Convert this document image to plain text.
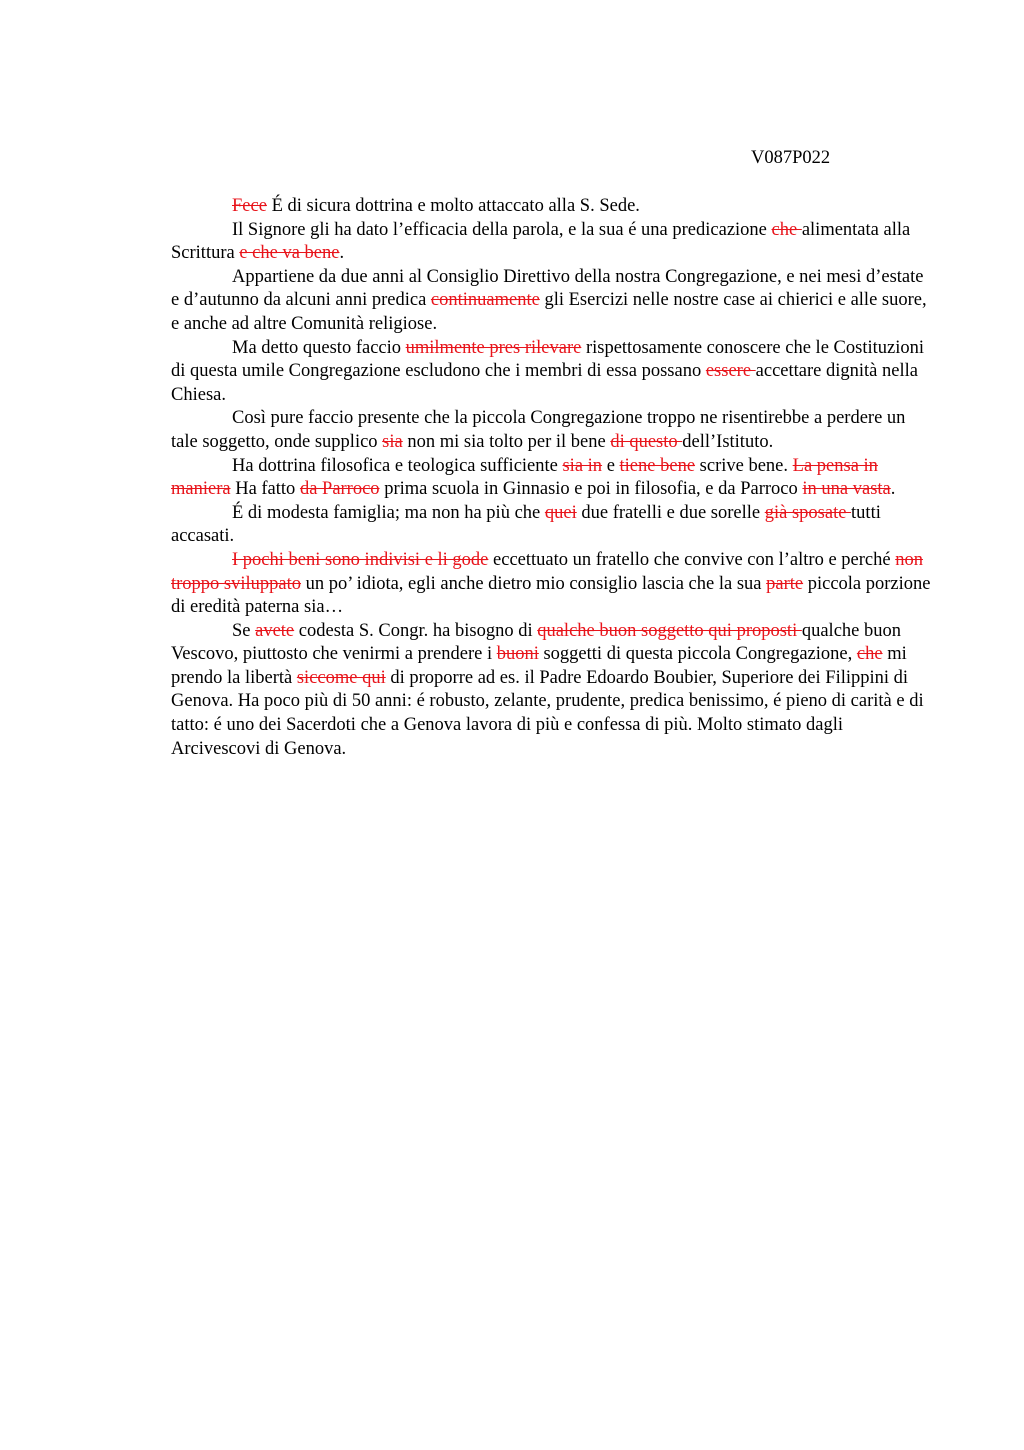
V087P022

Fece É di sicura dottrina e molto attaccato alla S. Sede.

Il Signore gli ha dato l’efficacia della parola, e la sua é una predicazione che alimentata alla Scrittura e che va bene.

Appartiene da due anni al Consiglio Direttivo della nostra Congregazione, e nei mesi d’estate e d’autunno da alcuni anni predica continuamente gli Esercizi nelle nostre case ai chierici e alle suore, e anche ad altre Comunità religiose.

Ma detto questo faccio umilmente pres rilevare rispettosamente conoscere che le Costituzioni di questa umile Congregazione escludono che i membri di essa possano essere accettare dignità nella Chiesa.

Così pure faccio presente che la piccola Congregazione troppo ne risentirebbe a perdere un tale soggetto, onde supplico sia non mi sia tolto per il bene di questo dell’Istituto.

Ha dottrina filosofica e teologica sufficiente sia in e tiene bene scrive bene. La pensa in maniera Ha fatto da Parroco prima scuola in Ginnasio e poi in filosofia, e da Parroco in una vasta.

É di modesta famiglia; ma non ha più che quei due fratelli e due sorelle già sposate tutti accasati.

I pochi beni sono indivisi e li gode eccettuato un fratello che convive con l’altro e perché non troppo sviluppato un po’ idiota, egli anche dietro mio consiglio lascia che la sua parte piccola porzione di eredità paterna sia…

Se avete codesta S. Congr. ha bisogno di qualche buon soggetto qui proposti qualche buon Vescovo, piuttosto che venirmi a prendere i buoni soggetti di questa piccola Congregazione, che mi prendo la libertà siccome qui di proporre ad es. il Padre Edoardo Boubier, Superiore dei Filippini di Genova. Ha poco più di 50 anni: é robusto, zelante, prudente, predica benissimo, é pieno di carità e di tatto: é uno dei Sacerdoti che a Genova lavora di più e confessa di più. Molto stimato dagli Arcivescovi di Genova.
